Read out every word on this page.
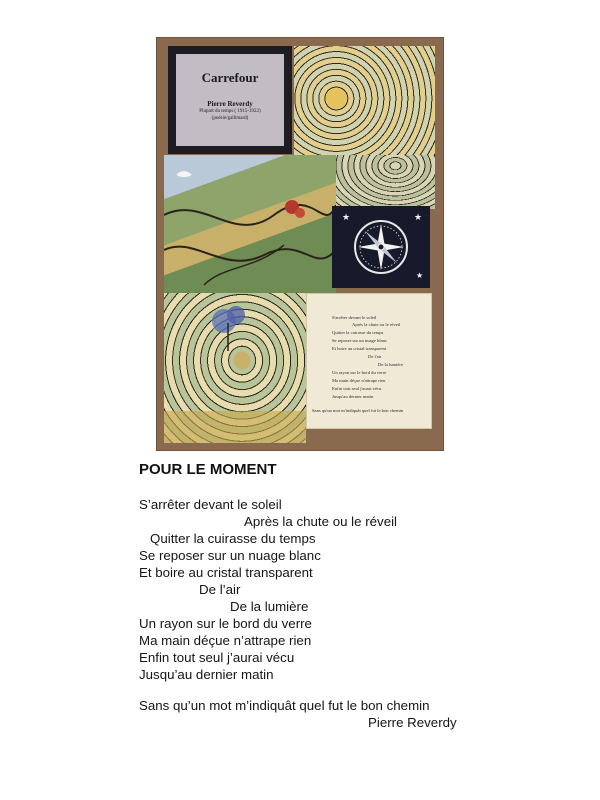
Carrefour
Pierre Reverdy
Plupart du temps ( 1915-1922)
(poésie/gallimard)
★	★
★
S'arrêter devant le soleil
Après la chute ou le réveil
Quitter la cuirasse du temps
Se reposer sur un nuage blanc
Et boire au cristal transparent
De l'air
De la lumière
Un rayon sur le bord du verre
Ma main déçue n'attrape rien
Enfin tout seul j'aurai vécu
Jusqu'au dernier matin
Sans qu'un mot m'indiquât quel fut le bon chemin
POUR LE MOMENT
S’arrêter devant le soleil
Après la chute ou le réveil
Quitter la cuirasse du temps
Se reposer sur un nuage blanc
Et boire au cristal transparent
De l’air
De la lumière
Un rayon sur le bord du verre
Ma main déçue n’attrape rien
Enfin tout seul j’aurai vécu
Jusqu’au dernier matin
Sans qu’un mot m’indiquât quel fut le bon chemin
Pierre Reverdy
